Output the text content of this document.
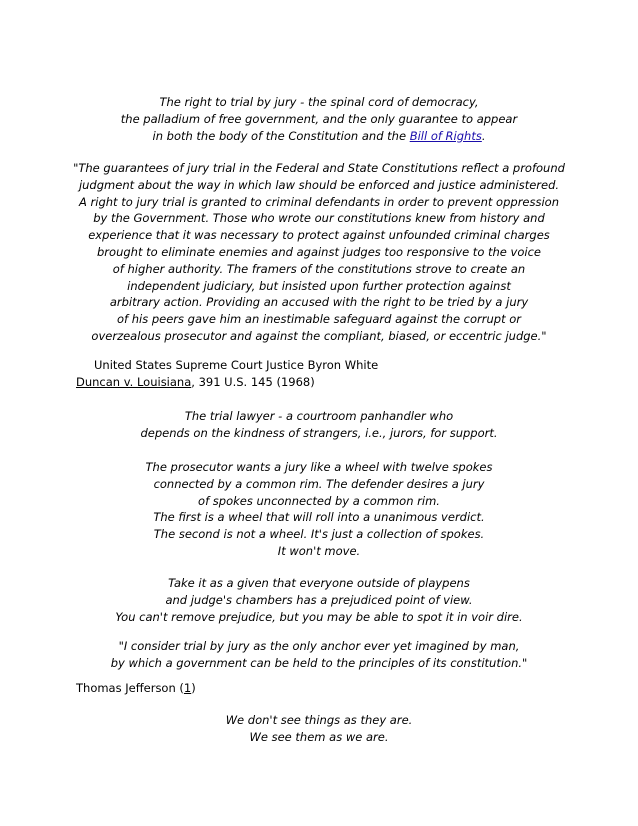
The right to trial by jury - the spinal cord of democracy,
the palladium of free government, and the only guarantee to appear
in both the body of the Constitution and the Bill of Rights.
"The guarantees of jury trial in the Federal and State Constitutions reflect a profound
judgment about the way in which law should be enforced and justice administered.
A right to jury trial is granted to criminal defendants in order to prevent oppression
by the Government. Those who wrote our constitutions knew from history and
experience that it was necessary to protect against unfounded criminal charges
brought to eliminate enemies and against judges too responsive to the voice
of higher authority. The framers of the constitutions strove to create an
independent judiciary, but insisted upon further protection against
arbitrary action. Providing an accused with the right to be tried by a jury
of his peers gave him an inestimable safeguard against the corrupt or
overzealous prosecutor and against the compliant, biased, or eccentric judge."
United States Supreme Court Justice Byron White
Duncan v. Louisiana, 391 U.S. 145 (1968)
The trial lawyer - a courtroom panhandler who
depends on the kindness of strangers, i.e., jurors, for support.
The prosecutor wants a jury like a wheel with twelve spokes
connected by a common rim. The defender desires a jury
of spokes unconnected by a common rim.
The first is a wheel that will roll into a unanimous verdict.
The second is not a wheel. It's just a collection of spokes.
It won't move.
Take it as a given that everyone outside of playpens
and judge's chambers has a prejudiced point of view.
You can't remove prejudice, but you may be able to spot it in voir dire.
"I consider trial by jury as the only anchor ever yet imagined by man,
by which a government can be held to the principles of its constitution."
Thomas Jefferson (1)
We don't see things as they are.
We see them as we are.
